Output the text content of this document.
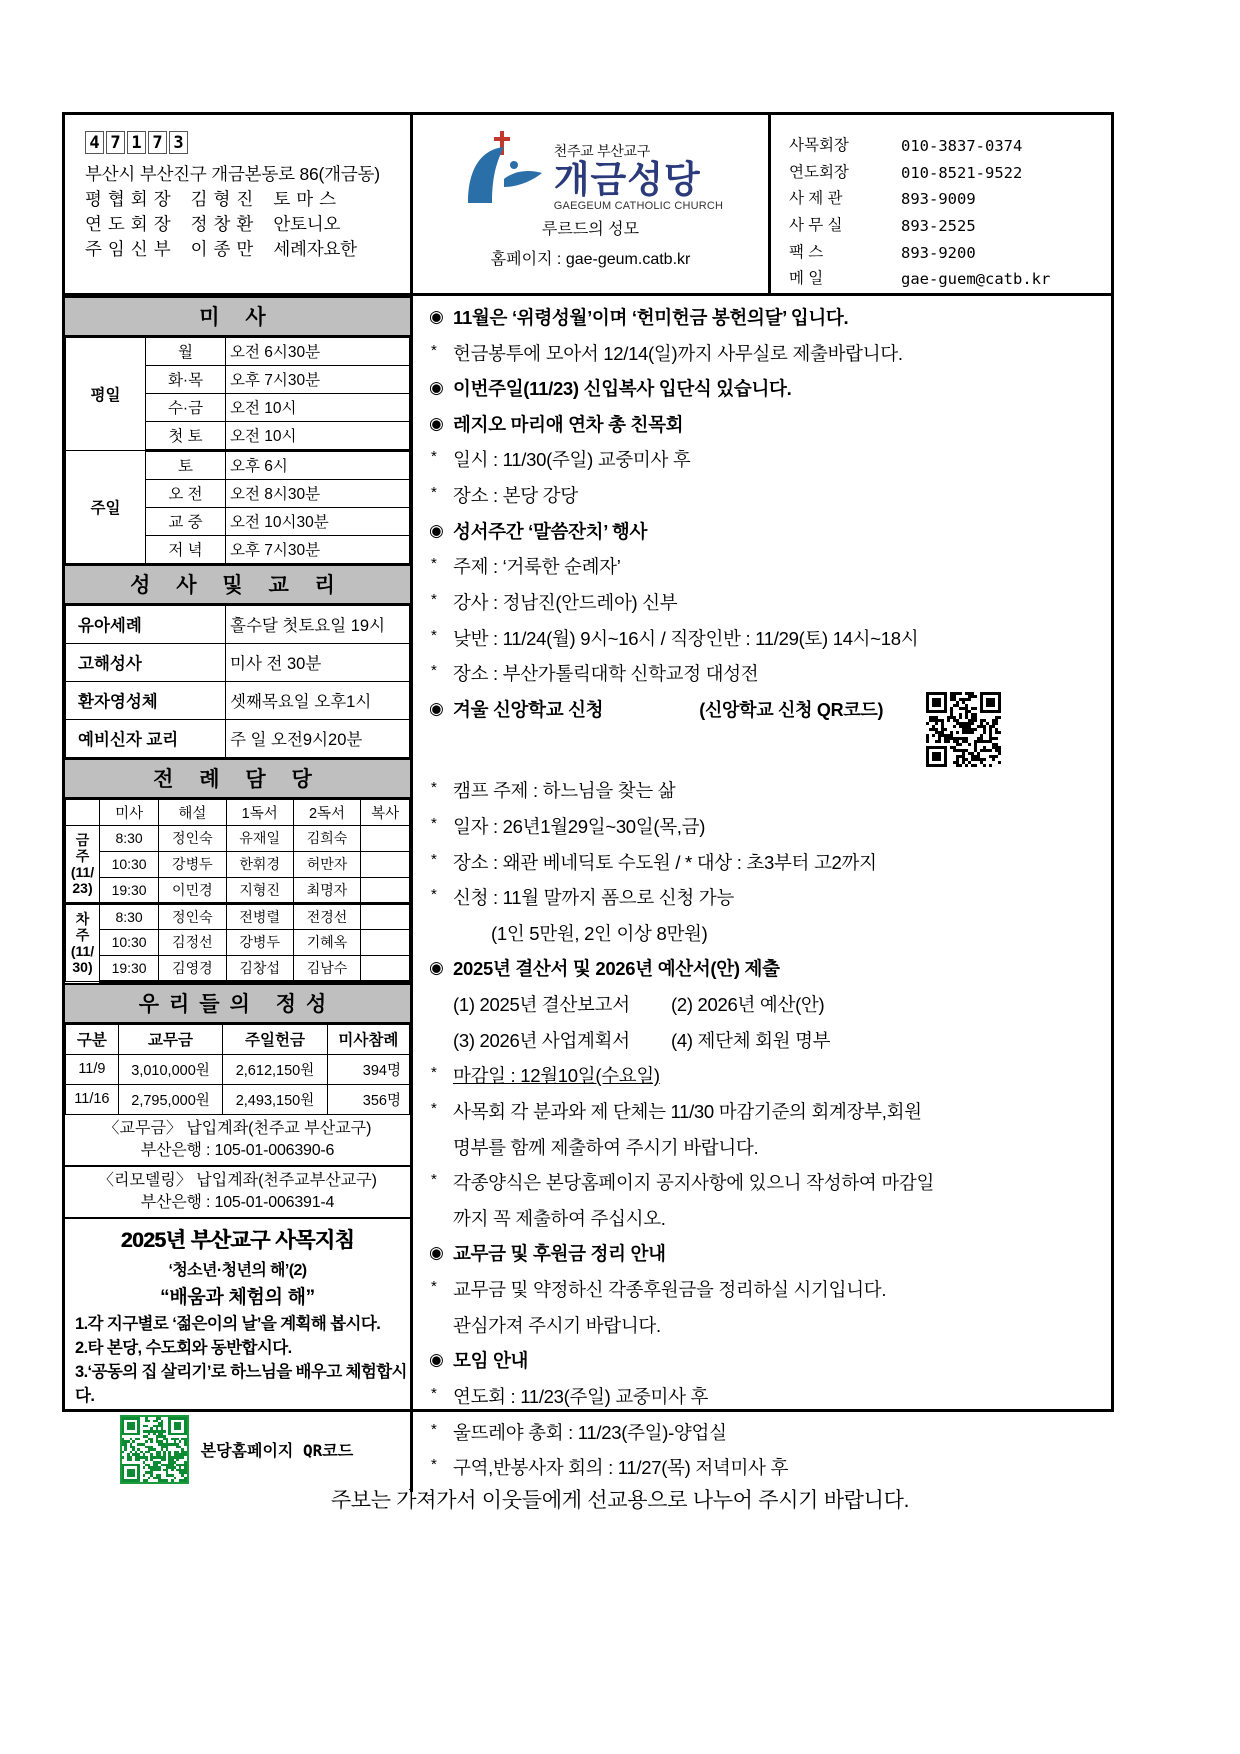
4 7 1 7 3
부산시 부산진구 개금본동로 86(개금동)
평협회장 김형진 토마스
연도회장 정창환 안토니오
주임신부 이종만 세례자요한
천주교 부산교구
개금성당
GAEGEUM CATHOLIC CHURCH
루르드의 성모
홈페이지 : gae-geum.catb.kr
사목회장	010-3837-0374
연도회장	010-8521-9522
사 제 관	893-9009
사 무 실	893-2525
팩 스	893-9200
메 일	gae-guem@catb.kr
미 사
평일	월	오전 6시30분
	화·목	오후 7시30분
	수·금	오전 10시
	첫 토	오전 10시
주일	토	오후 6시
	오 전	오전 8시30분
	교 중	오전 10시30분
	저 녁	오후 7시30분
성 사 및 교 리
유아세례	홀수달 첫토요일 19시
고해성사	미사 전 30분
환자영성체	셋째목요일 오후1시
예비신자 교리	주 일 오전9시20분
전 례 담 당
	미사	해설	1독서	2독서	복사

금
주
(11/
23)	8:30	정인숙	유재일	김희숙	
	10:30	강병두	한휘경	허만자	
	19:30	이민경	지형진	최명자	

차
주
(11/
30)	8:30	정인숙	전병렬	전경선	
	10:30	김정선	강병두	기혜옥	
	19:30	김영경	김창섭	김남수	
우리들의 정성
구분	교무금	주일헌금	미사참례
11/9	3,010,000원	2,612,150원	394명
11/16	2,795,000원	2,493,150원	356명
〈교무금〉 납입계좌(천주교 부산교구)
부산은행 : 105-01-006390-6
〈리모델링〉 납입계좌(천주교부산교구)
부산은행 : 105-01-006391-4
2025년 부산교구 사목지침
‘청소년·청년의 해’(2)
“배움과 체험의 해”
1.각 지구별로 ‘젊은이의 날’을 계획해 봅시다.
2.타 본당, 수도회와 동반합시다.
3.‘공동의 집 살리기’로 하느님을 배우고 체험합시다.
본당홈페이지 QR코드
◉ 11월은 ‘위령성월’이며 ‘헌미헌금 봉헌의달’ 입니다.
* 헌금봉투에 모아서 12/14(일)까지 사무실로 제출바랍니다.
◉ 이번주일(11/23) 신입복사 입단식 있습니다.
◉ 레지오 마리애 연차 총 친목회
* 일시 : 11/30(주일) 교중미사 후
* 장소 : 본당 강당
◉ 성서주간 ‘말씀잔치’ 행사
* 주제 : ‘거룩한 순례자’
* 강사 : 정남진(안드레아) 신부
* 낮반 : 11/24(월) 9시~16시 / 직장인반 : 11/29(토) 14시~18시
* 장소 : 부산가톨릭대학 신학교정 대성전
◉ 겨울 신앙학교 신청	(신앙학교 신청 QR코드)
* 캠프 주제 : 하느님을 찾는 삶
* 일자 : 26년1월29일~30일(목,금)
* 장소 : 왜관 베네딕토 수도원 / * 대상 : 초3부터 고2까지
* 신청 : 11월 말까지 폼으로 신청 가능
(1인 5만원, 2인 이상 8만원)
◉ 2025년 결산서 및 2026년 예산서(안) 제출
(1) 2025년 결산보고서　　 (2) 2026년 예산(안)
(3) 2026년 사업계획서　　 (4) 제단체 회원 명부
* 마감일 : 12월10일(수요일)
* 사목회 각 분과와 제 단체는 11/30 마감기준의 회계장부,회원
명부를 함께 제출하여 주시기 바랍니다.
* 각종양식은 본당홈페이지 공지사항에 있으니 작성하여 마감일
까지 꼭 제출하여 주십시오.
◉ 교무금 및 후원금 정리 안내
* 교무금 및 약정하신 각종후원금을 정리하실 시기입니다.
관심가져 주시기 바랍니다.
◉ 모임 안내
* 연도회 : 11/23(주일) 교중미사 후
* 울뜨레야 총회 : 11/23(주일)-양업실
* 구역,반봉사자 회의 : 11/27(목) 저녁미사 후
주보는 가져가서 이웃들에게 선교용으로 나누어 주시기 바랍니다.
